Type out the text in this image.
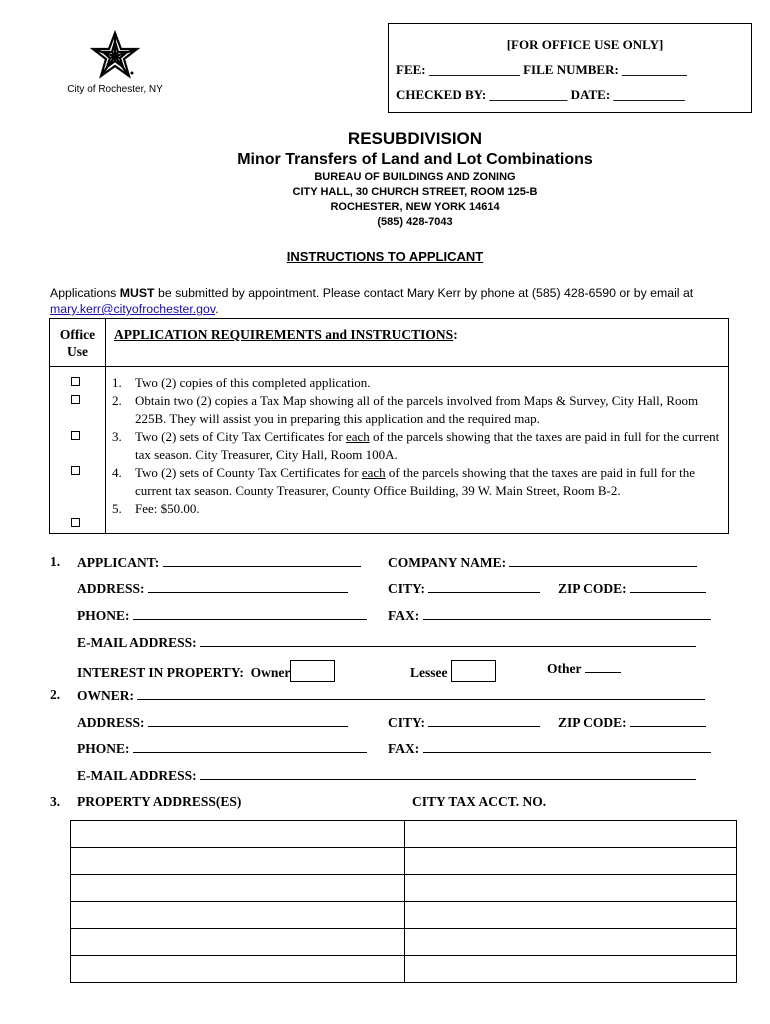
City of Rochester, NY
[FOR OFFICE USE ONLY]
FEE: ______________ FILE NUMBER: __________
CHECKED BY: ____________ DATE: ___________
RESUBDIVISION
Minor Transfers of Land and Lot Combinations
BUREAU OF BUILDINGS AND ZONING
CITY HALL, 30 CHURCH STREET, ROOM 125-B
ROCHESTER, NEW YORK 14614
(585) 428-7043
INSTRUCTIONS TO APPLICANT
Applications MUST be submitted by appointment. Please contact Mary Kerr by phone at (585) 428-6590 or by email at mary.kerr@cityofrochester.gov.
Office Use
APPLICATION REQUIREMENTS and INSTRUCTIONS:
1. Two (2) copies of this completed application.
2. Obtain two (2) copies a Tax Map showing all of the parcels involved from Maps & Survey, City Hall, Room 225B. They will assist you in preparing this application and the required map.
3. Two (2) sets of City Tax Certificates for each of the parcels showing that the taxes are paid in full for the current tax season. City Treasurer, City Hall, Room 100A.
4. Two (2) sets of County Tax Certificates for each of the parcels showing that the taxes are paid in full for the current tax season. County Treasurer, County Office Building, 39 W. Main Street, Room B-2.
5. Fee: $50.00.
1. APPLICANT:	COMPANY NAME:
ADDRESS:	CITY:	ZIP CODE:
PHONE:	FAX:
E-MAIL ADDRESS:
INTEREST IN PROPERTY: Owner	Lessee	Other
2. OWNER:
ADDRESS:	CITY:	ZIP CODE:
PHONE:	FAX:
E-MAIL ADDRESS:
3. PROPERTY ADDRESS(ES)	CITY TAX ACCT. NO.
